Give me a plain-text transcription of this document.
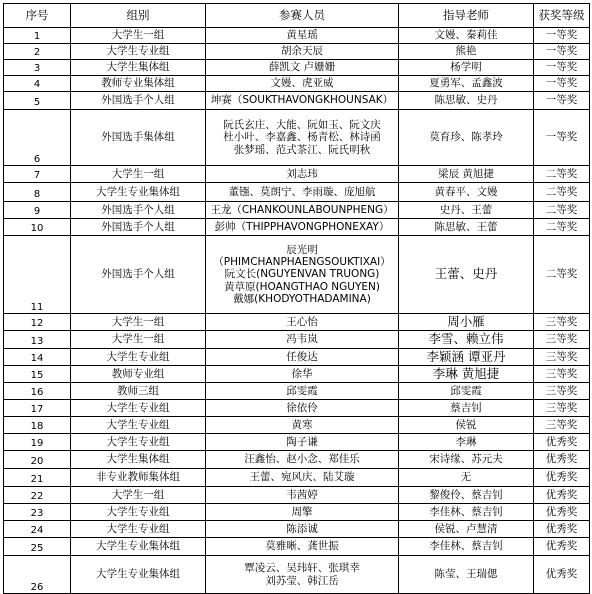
序号	组别	参赛人员	指导老师	获奖等级
1	大学生一组	黄星瑶	文嫚、秦莉佳	一等奖
2	大学生专业组	胡余天辰	熊艳	一等奖
3	大学生集体组	薛凯文 卢姗姗	杨学明	一等奖
4	教师专业集体组	文嫚、虎亚威	夏勇军、孟鑫波	一等奖
5	外国选手个人组	坤赛（SOUKTHAVONGKHOUNSAK）	陈思敏、史丹	一等奖
6	外国选手集体组	阮氏玄庄、大能、阮如玉、阮文庆
杜小叶、李嘉鑫、杨青松、林诗函
张梦瑶、范式茶江、阮氏明秋	莫育珍、陈孝玲	一等奖
7	大学生一组	刘志玮	梁辰 黄旭捷	二等奖
8	大学生专业集体组	董镪、莫朗宁、李雨璇、庞旭航	黄春平、文嫚	二等奖
9	外国选手个人组	王龙（CHANKOUNLABOUNPHENG）	史丹、王蕾	二等奖
10	外国选手个人组	彭帅（THIPPHAVONGPHONEXAY）	陈思敏、王蕾	二等奖
11	外国选手个人组	辰光明
（PHIMCHANPHAENGSOUKTIXAI）
阮文长(NGUYENVAN TRUONG)
黄草原(HOANGTHAO NGUYEN)
戴娜(KHODYOTHADAMINA)	王蕾、史丹	二等奖
12	大学生一组	王心怡	周小雁	三等奖
13	大学生一组	冯韦岚	李雪、赖立伟	三等奖
14	大学生专业组	任俊达	李颖涵 谭亚丹	三等奖
15	教师专业组	徐华	李琳 黄旭捷	三等奖
16	教师三组	邱雯霞	邱雯霞	三等奖
17	大学生专业组	徐依伶	蔡吉钊	三等奖
18	大学生专业组	黄寒	侯锐	三等奖
19	大学生专业组	陶子谦	李琳	优秀奖
20	大学生集体组	汪鑫怡、赵小念、郑佳乐	宋诗缘、苏元夫	优秀奖
21	非专业教师集体组	王蕾、宛风庆、陆艾璇	无	优秀奖
22	大学生一组	韦茜婷	黎俊伶、蔡吉钊	优秀奖
23	大学生专业组	周擎	李佳林、蔡吉钊	优秀奖
24	大学生专业组	陈添诚	侯锐、卢慧清	优秀奖
25	大学生专业集体组	莫雅晰、龚世振	李佳林、蔡吉钊	优秀奖
26	大学生专业集体组	覃凌云、吴玮轩、张琪幸
刘苏莹、韩江岳	陈莹、王瑞偲	优秀奖
